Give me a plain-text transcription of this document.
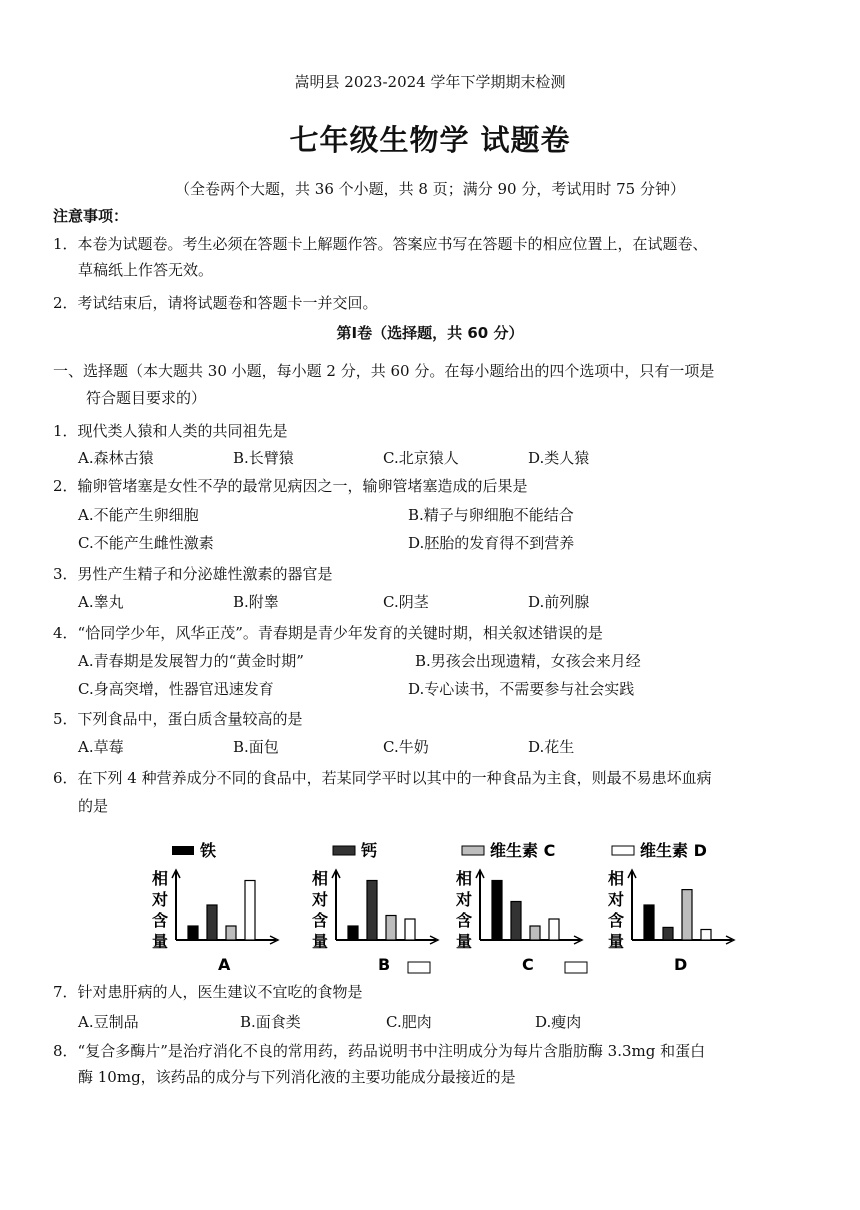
嵩明县 2023-2024 学年下学期期末检测
七年级生物学 试题卷
（全卷两个大题，共 36 个小题，共 8 页；满分 90 分，考试用时 75 分钟）
注意事项：
1．本卷为试题卷。考生必须在答题卡上解题作答。答案应书写在答题卡的相应位置上，在试题卷、
草稿纸上作答无效。
2．考试结束后，请将试题卷和答题卡一并交回。
第Ⅰ卷（选择题，共 60 分）
一、选择题（本大题共 30 小题，每小题 2 分，共 60 分。在每小题给出的四个选项中，只有一项是
符合题目要求的）
1．现代类人猿和人类的共同祖先是
A.森林古猿	B.长臂猿	C.北京猿人	D.类人猿
2．输卵管堵塞是女性不孕的最常见病因之一，输卵管堵塞造成的后果是
A.不能产生卵细胞	B.精子与卵细胞不能结合
C.不能产生雌性激素	D.胚胎的发育得不到营养
3．男性产生精子和分泌雄性激素的器官是
A.睾丸	B.附睾	C.阴茎	D.前列腺
4．“恰同学少年，风华正茂”。青春期是青少年发育的关键时期，相关叙述错误的是
A.青春期是发展智力的“黄金时期”	B.男孩会出现遗精，女孩会来月经
C.身高突增，性器官迅速发育	D.专心读书，不需要参与社会实践
5．下列食品中，蛋白质含量较高的是
A.草莓	B.面包	C.牛奶	D.花生
6．在下列 4 种营养成分不同的食品中，若某同学平时以其中的一种食品为主食，则最不易患坏血病
的是
铁	钙	维生素 C	维生素 D
相
对
含
量
A
相
对
含
量
B
相
对
含
量
C
相
对
含
量
D
7．针对患肝病的人，医生建议不宜吃的食物是
A.豆制品	B.面食类	C.肥肉	D.瘦肉
8．“复合多酶片”是治疗消化不良的常用药，药品说明书中注明成分为每片含脂肪酶 3.3mg 和蛋白
酶 10mg，该药品的成分与下列消化液的主要功能成分最接近的是
